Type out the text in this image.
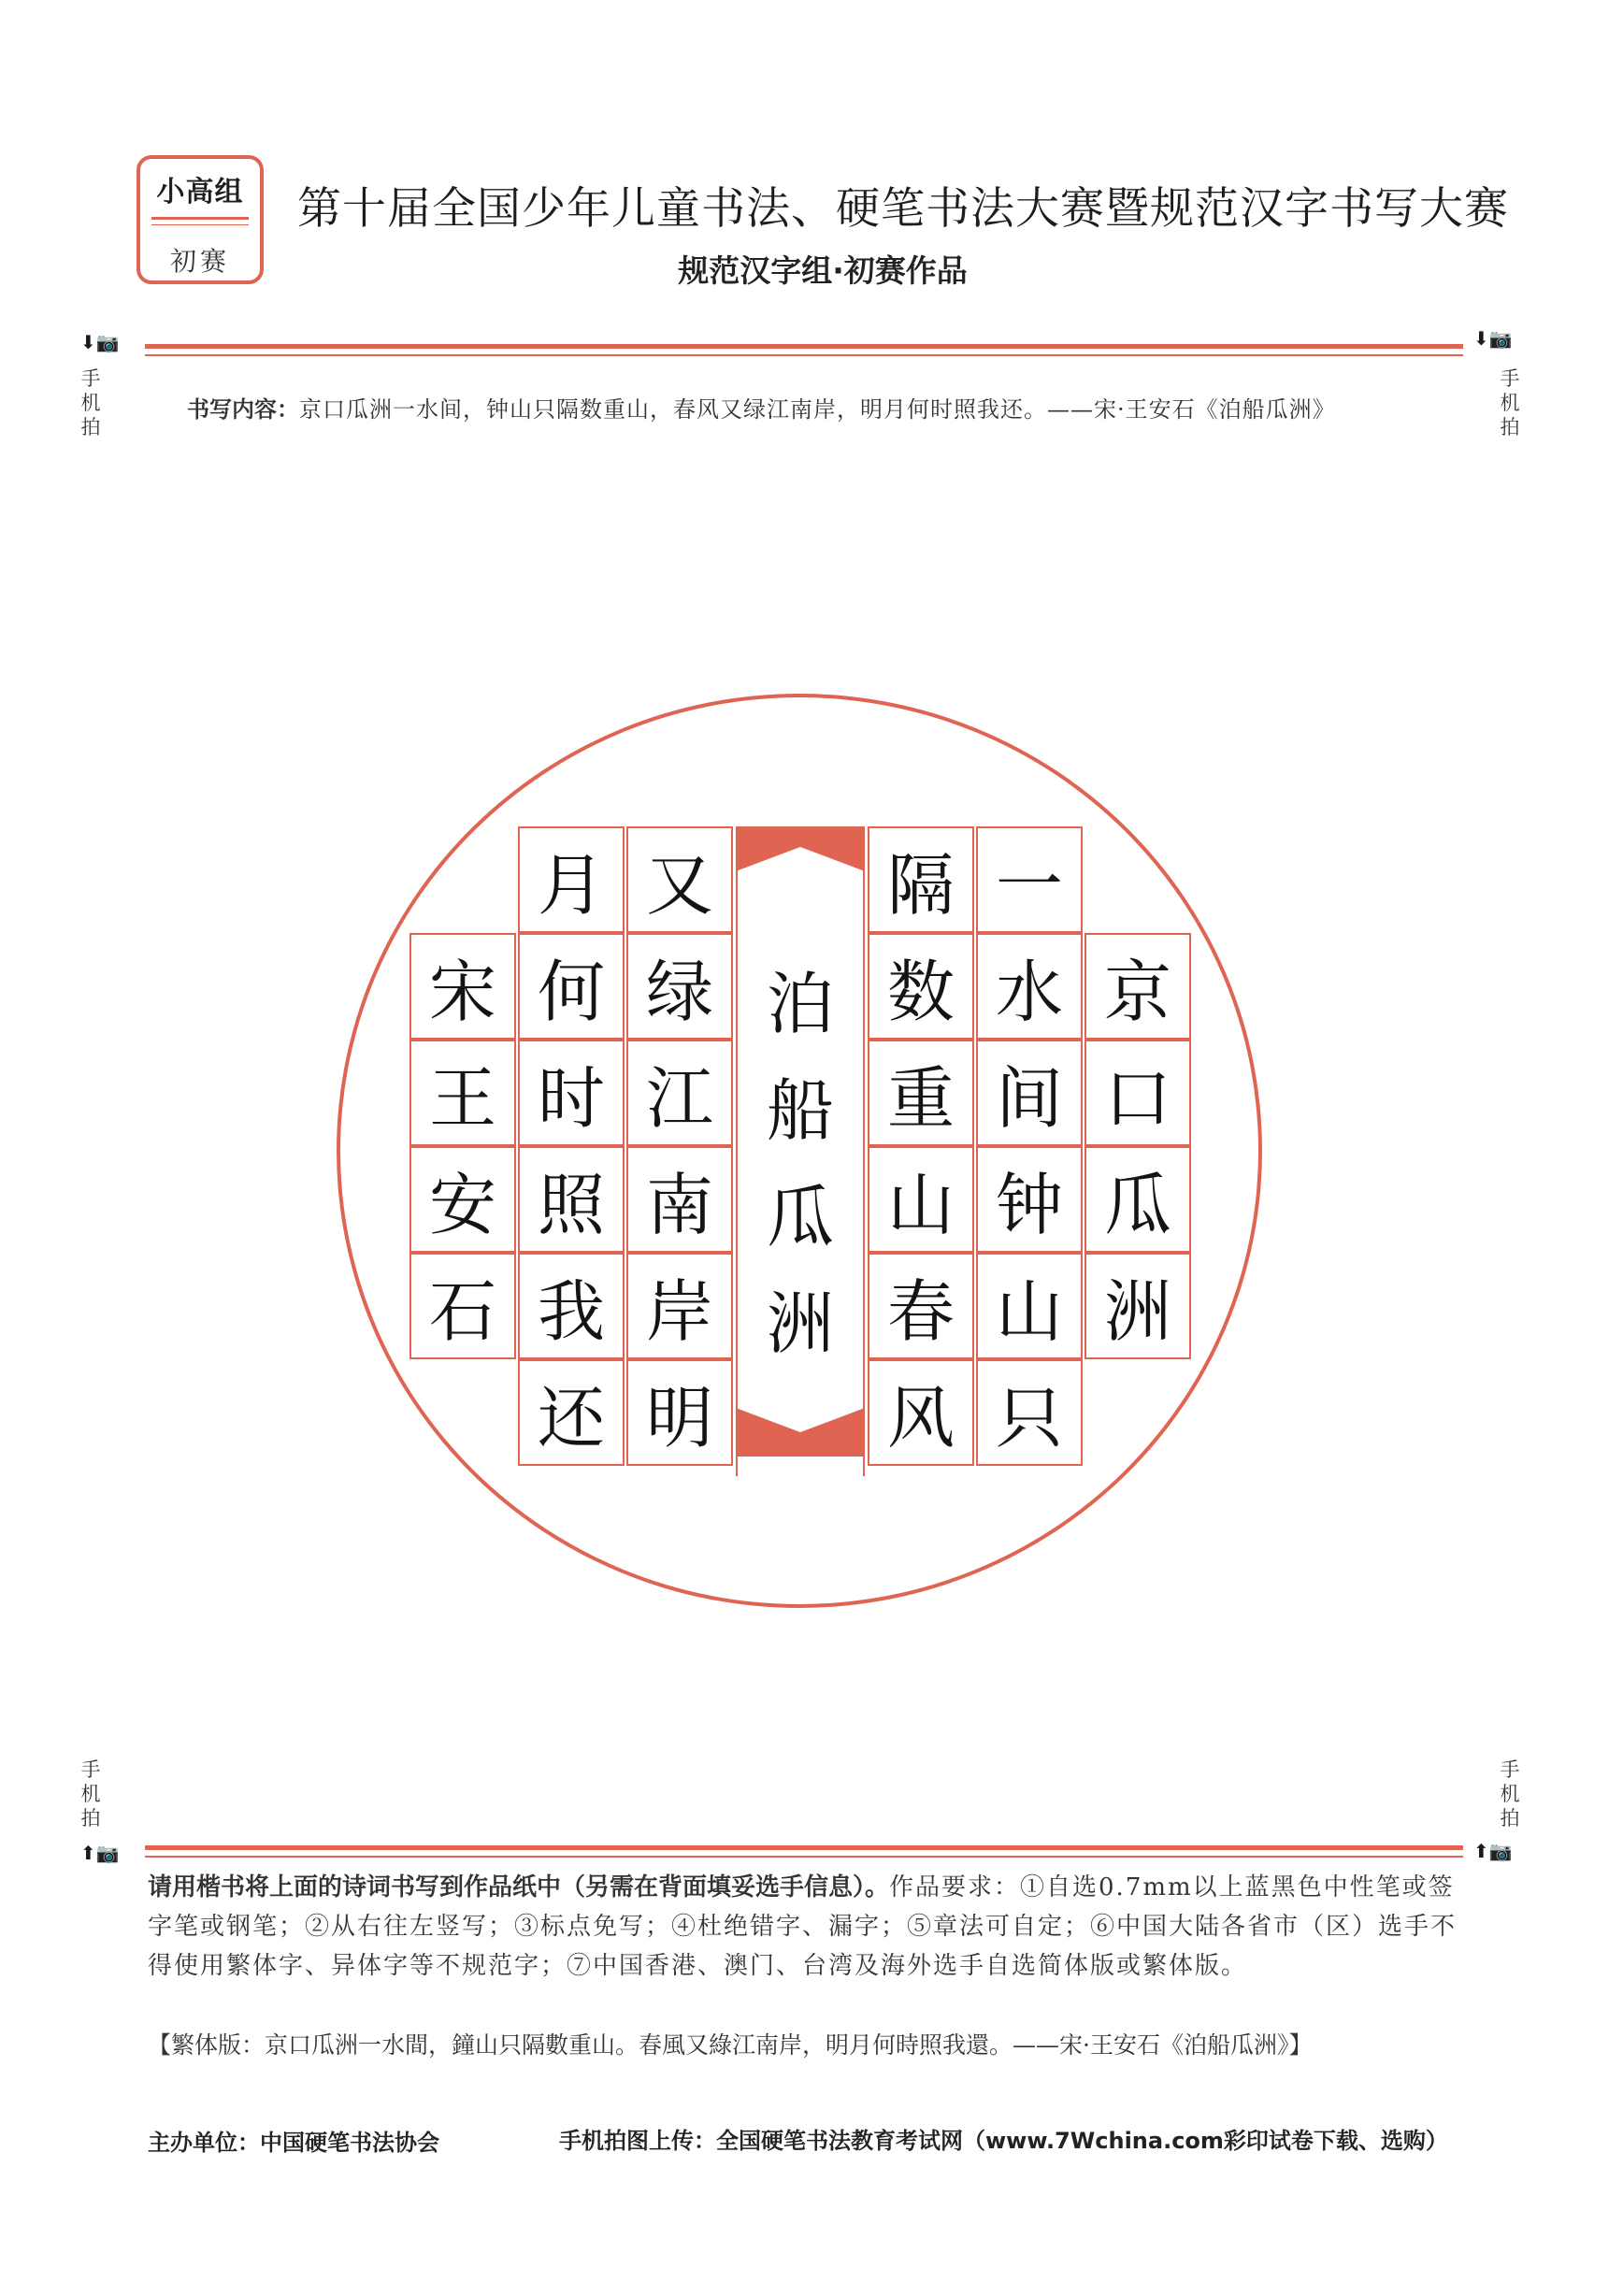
小高组
初赛
第十届全国少年儿童书法、硬笔书法大赛暨规范汉字书写大赛
规范汉字组·初赛作品
⬇📷
手机拍
⬇📷
手机拍
书写内容：京口瓜洲一水间，钟山只隔数重山，春风又绿江南岸，明月何时照我还。——宋·王安石《泊船瓜洲》
泊
船
瓜
洲
京
口
瓜
洲
一
水
间
钟
山
只
隔
数
重
山
春
风
又
绿
江
南
岸
明
月
何
时
照
我
还
宋
王
安
石
手机拍
⬆📷
手机拍
⬆📷
请用楷书将上面的诗词书写到作品纸中（另需在背面填妥选手信息）。作品要求：①自选0.7mm以上蓝黑色中性笔或签字笔或钢笔；②从右往左竖写；③标点免写；④杜绝错字、漏字；⑤章法可自定；⑥中国大陆各省市（区）选手不得使用繁体字、异体字等不规范字；⑦中国香港、澳门、台湾及海外选手自选简体版或繁体版。
【繁体版：京口瓜洲一水間，鐘山只隔數重山。春風又綠江南岸，明月何時照我還。——宋·王安石《泊船瓜洲》】
主办单位：中国硬笔书法协会	手机拍图上传：全国硬笔书法教育考试网（www.7Wchina.com彩印试卷下载、选购）
